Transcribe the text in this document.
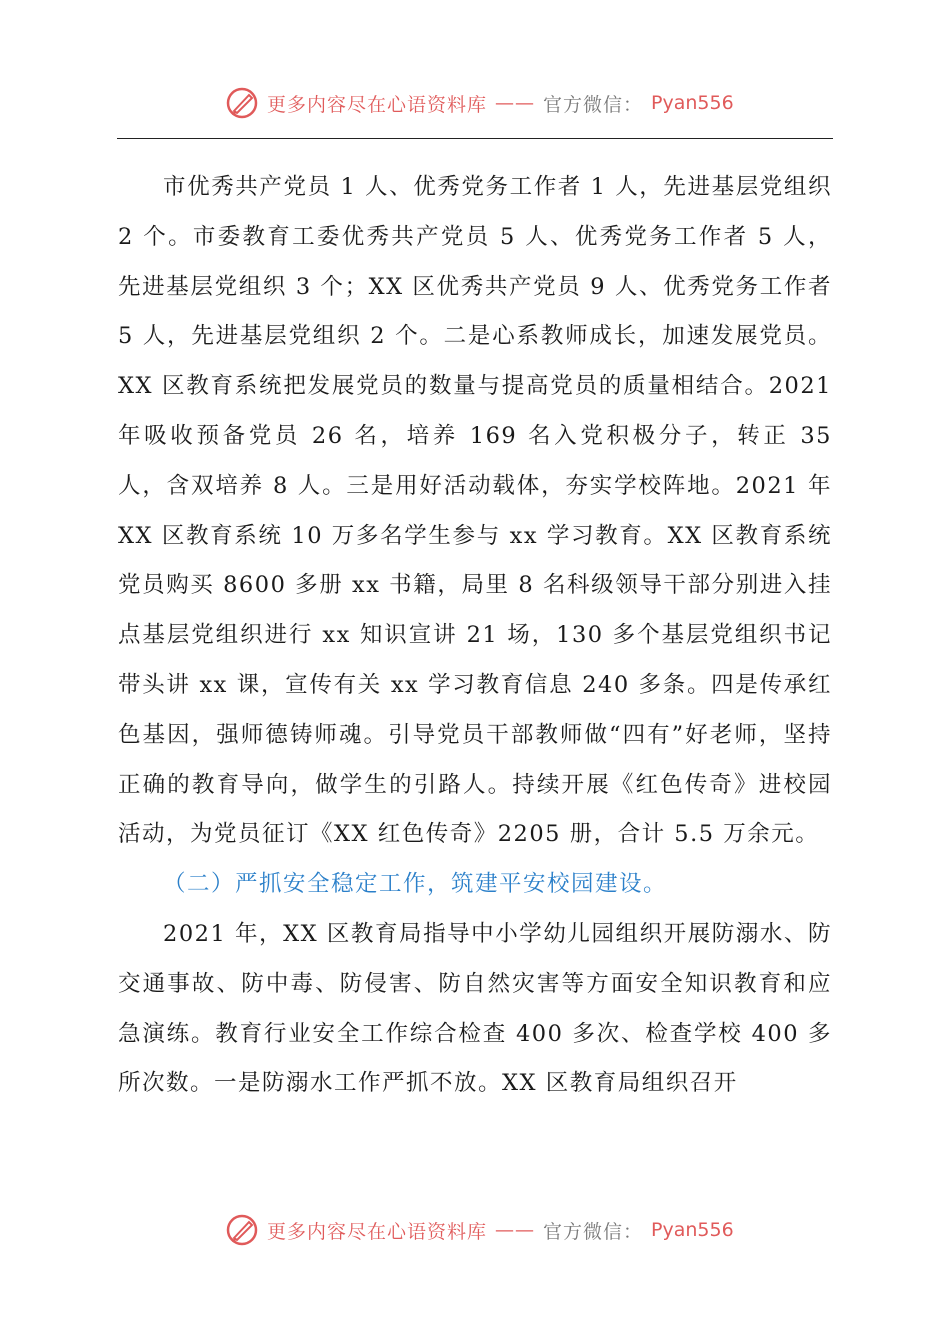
更多内容尽在心语资料库 —— 官方微信： Pyan556

市优秀共产党员 1 人、优秀党务工作者 1 人，先进基层党组织 2 个。市委教育工委优秀共产党员 5 人、优秀党务工作者 5 人，先进基层党组织 3 个；XX 区优秀共产党员 9 人、优秀党务工作者 5 人，先进基层党组织 2 个。二是心系教师成长，加速发展党员。XX 区教育系统把发展党员的数量与提高党员的质量相结合。2021 年吸收预备党员 26 名，培养 169 名入党积极分子，转正 35 人，含双培养 8 人。三是用好活动载体，夯实学校阵地。2021 年 XX 区教育系统 10 万多名学生参与 xx 学习教育。XX 区教育系统党员购买 8600 多册 xx 书籍，局里 8 名科级领导干部分别进入挂点基层党组织进行 xx 知识宣讲 21 场，130 多个基层党组织书记带头讲 xx 课，宣传有关 xx 学习教育信息 240 多条。四是传承红色基因，强师德铸师魂。引导党员干部教师做“四有”好老师，坚持正确的教育导向，做学生的引路人。持续开展《红色传奇》进校园活动，为党员征订《XX 红色传奇》2205 册，合计 5.5 万余元。

（二）严抓安全稳定工作，筑建平安校园建设。

2021 年，XX 区教育局指导中小学幼儿园组织开展防溺水、防交通事故、防中毒、防侵害、防自然灾害等方面安全知识教育和应急演练。教育行业安全工作综合检查 400 多次、检查学校 400 多所次数。一是防溺水工作严抓不放。XX 区教育局组织召开

更多内容尽在心语资料库 —— 官方微信： Pyan556
